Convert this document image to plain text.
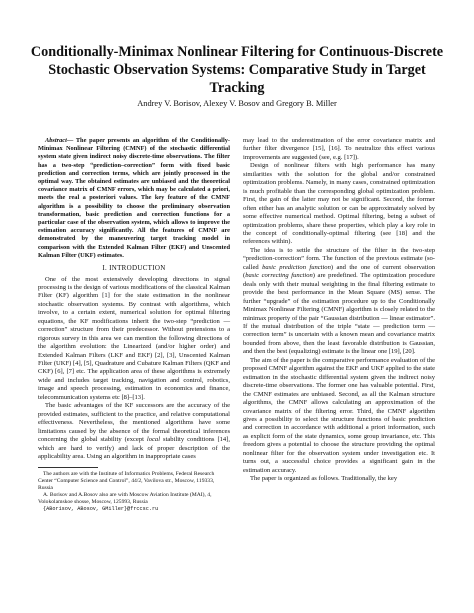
Conditionally-Minimax Nonlinear Filtering for Continuous-Discrete Stochastic Observation Systems: Comparative Study in Target Tracking
Andrey V. Borisov, Alexey V. Bosov and Gregory B. Miller

Abstract— The paper presents an algorithm of the Conditionally-Minimax Nonlinear Filtering (CMNF) of the stochastic differential system state given indirect noisy discrete-time observations. The filter has a two-step “prediction–correction” form with fixed basic prediction and correction terms, which are jointly processed in the optimal way. The obtained estimates are unbiased and the theoretical covariance matrix of CMNF errors, which may be calculated a priori, meets the real a posteriori values. The key feature of the CMNF algorithm is a possibility to choose the preliminary observation transformation, basic prediction and correction functions for a particular case of the observation system, which allows to improve the estimation accuracy significantly. All the features of CMNF are demonstrated by the maneuvering target tracking model in comparison with the Extended Kalman Filter (EKF) and Unscented Kalman Filter (UKF) estimates.

I. INTRODUCTION

One of the most extensively developing directions in signal processing is the design of various modifications of the classical Kalman Filter (KF) algorithm [1] for the state estimation in the nonlinear stochastic observation systems. By contrast with algorithms, which involve, to a certain extent, numerical solution for optimal filtering equations, the KF modifications inherit the two-step “prediction — correction” structure from their predecessor. Without pretensions to a rigorous survey in this area we can mention the following directions of the algorithm evolution: the Linearized (and/or higher order) and Extended Kalman Filters (LKF and EKF) [2], [3], Unscented Kalman Filter (UKF) [4], [5], Quadrature and Cubature Kalman Filters (QKF and CKF) [6], [7] etc. The application area of these algorithms is extremely wide and includes target tracking, navigation and control, robotics, image and speech processing, estimation in economics and finance, telecommunication systems etc [8]–[13].

The basic advantages of the KF successors are the accuracy of the provided estimates, sufficient to the practice, and relative computational effectiveness. Nevertheless, the mentioned algorithms have some limitations caused by the absence of the formal theoretical inferences concerning the global stability (except local stability conditions [14], which are hard to verify) and lack of proper description of the applicability area. Using an algorithm in inappropriate cases

The authors are with the Institute of Informatics Problems, Federal Research Center “Computer Science and Control”, 44/2, Vavilova str., Moscow, 119333, Russia
A. Borisov and A.Bosov also are with Moscow Aviation Institute (MAI), 4, Volokolamskoe shosse, Moscow, 125993, Russia
{ABorisov, ABosov, GMiller}@frccsc.ru

may lead to the underestimation of the error covariance matrix and further filter divergence [15], [16]. To neutralize this effect various improvements are suggested (see, e.g. [17]).

Design of nonlinear filters with high performance has many similarities with the solution for the global and/or constrained optimization problems. Namely, in many cases, constrained optimization is much profitable than the corresponding global optimization problem. First, the gain of the latter may not be significant. Second, the former often either has an analytic solution or can be approximately solved by some effective numerical method. Optimal filtering, being a subset of optimization problems, share these properties, which play a key role in the concept of conditionally-optimal filtering (see [18] and the references within).

The idea is to settle the structure of the filter in the two-step “prediction-correction” form. The function of the previous estimate (so-called basic prediction function) and the one of current observation (basic correcting function) are predefined. The optimization procedure deals only with their mutual weighting in the final filtering estimate to provide the best performance in the Mean Square (MS) sense. The further “upgrade” of the estimation procedure up to the Conditionally Minimax Nonlinear Filtering (CMNF) algorithm is closely related to the minimax property of the pair “Gaussian distribution — linear estimator”. If the mutual distribution of the triple “state — prediction term — correction term” is uncertain with a known mean and covariance matrix bounded from above, then the least favorable distribution is Gaussian, and then the best (equalizing) estimate is the linear one [19], [20].

The aim of the paper is the comparative performance evaluation of the proposed CMNF algorithm against the EKF and UKF applied to the state estimation in the stochastic differential system given the indirect noisy discrete-time observations. The former one has valuable potential. First, the CMNF estimates are unbiased. Second, as all the Kalman structure algorithms, the CMNF allows calculating an approximation of the covariance matrix of the filtering error. Third, the CMNF algorithm gives a possibility to select the structure functions of basic prediction and correction in accordance with additional a priori information, such as explicit form of the state dynamics, some group invariance, etc. This freedom gives a potential to choose the structure providing the optimal nonlinear filter for the observation system under investigation etc. It turns out, a successful choice provides a significant gain in the estimation accuracy.

The paper is organized as follows. Traditionally, the key
